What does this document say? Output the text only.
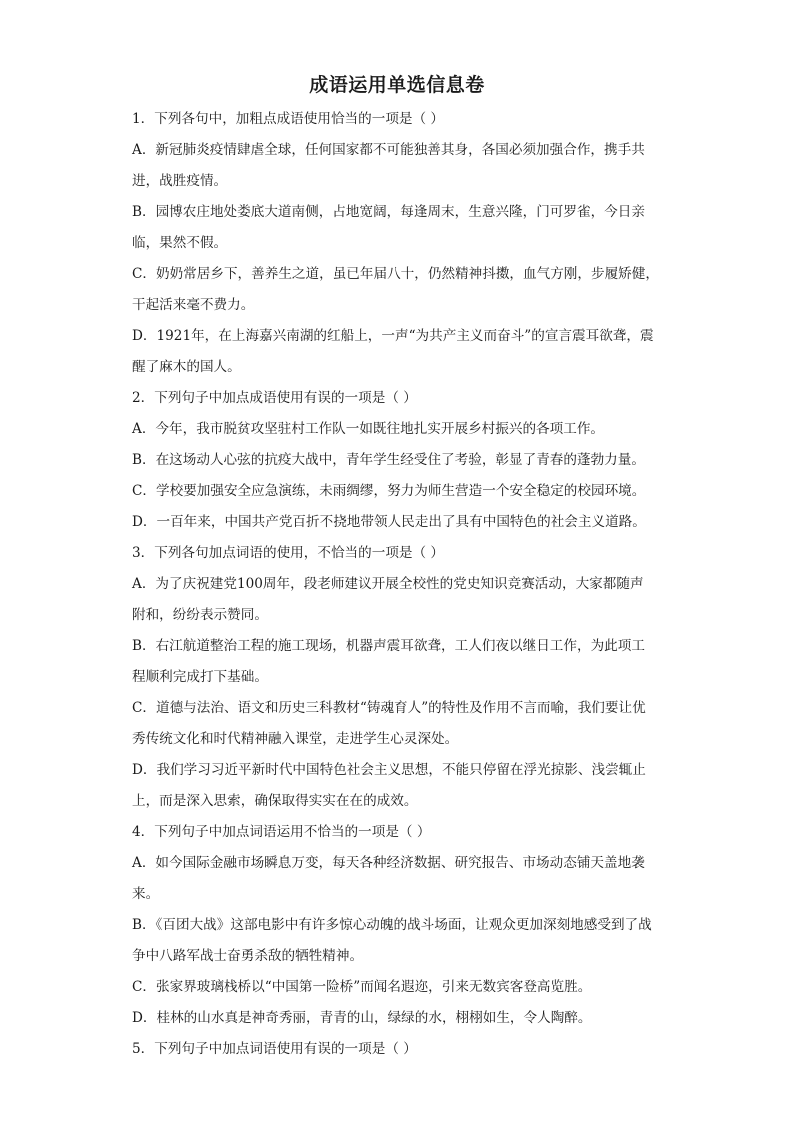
成语运用单选信息卷
1．下列各句中，加粗点成语使用恰当的一项是（ ）
A．新冠肺炎疫情肆虐全球，任何国家都不可能独善其身，各国必须加强合作，携手共
进，战胜疫情。
B．园博农庄地处娄底大道南侧，占地宽阔，每逢周末，生意兴隆，门可罗雀，今日亲
临，果然不假。
C．奶奶常居乡下，善养生之道，虽已年届八十，仍然精神抖擞，血气方刚，步履矫健，
干起活来毫不费力。
D．1921年，在上海嘉兴南湖的红船上，一声“为共产主义而奋斗”的宣言震耳欲聋，震
醒了麻木的国人。
2．下列句子中加点成语使用有误的一项是（ ）
A．今年，我市脱贫攻坚驻村工作队一如既往地扎实开展乡村振兴的各项工作。
B．在这场动人心弦的抗疫大战中，青年学生经受住了考验，彰显了青春的蓬勃力量。
C．学校要加强安全应急演练，未雨绸缪，努力为师生营造一个安全稳定的校园环境。
D．一百年来，中国共产党百折不挠地带领人民走出了具有中国特色的社会主义道路。
3．下列各句加点词语的使用，不恰当的一项是（ ）
A．为了庆祝建党100周年，段老师建议开展全校性的党史知识竞赛活动，大家都随声
附和，纷纷表示赞同。
B．右江航道整治工程的施工现场，机器声震耳欲聋，工人们夜以继日工作，为此项工
程顺利完成打下基础。
C．道德与法治、语文和历史三科教材“铸魂育人”的特性及作用不言而喻，我们要让优
秀传统文化和时代精神融入课堂，走进学生心灵深处。
D．我们学习习近平新时代中国特色社会主义思想，不能只停留在浮光掠影、浅尝辄止
上，而是深入思索，确保取得实实在在的成效。
4．下列句子中加点词语运用不恰当的一项是（ ）
A．如今国际金融市场瞬息万变，每天各种经济数据、研究报告、市场动态铺天盖地袭
来。
B．《百团大战》这部电影中有许多惊心动魄的战斗场面，让观众更加深刻地感受到了战
争中八路军战士奋勇杀敌的牺牲精神。
C．张家界玻璃栈桥以“中国第一险桥”而闻名遐迩，引来无数宾客登高览胜。
D．桂林的山水真是神奇秀丽，青青的山，绿绿的水，栩栩如生，令人陶醉。
5．下列句子中加点词语使用有误的一项是（ ）
